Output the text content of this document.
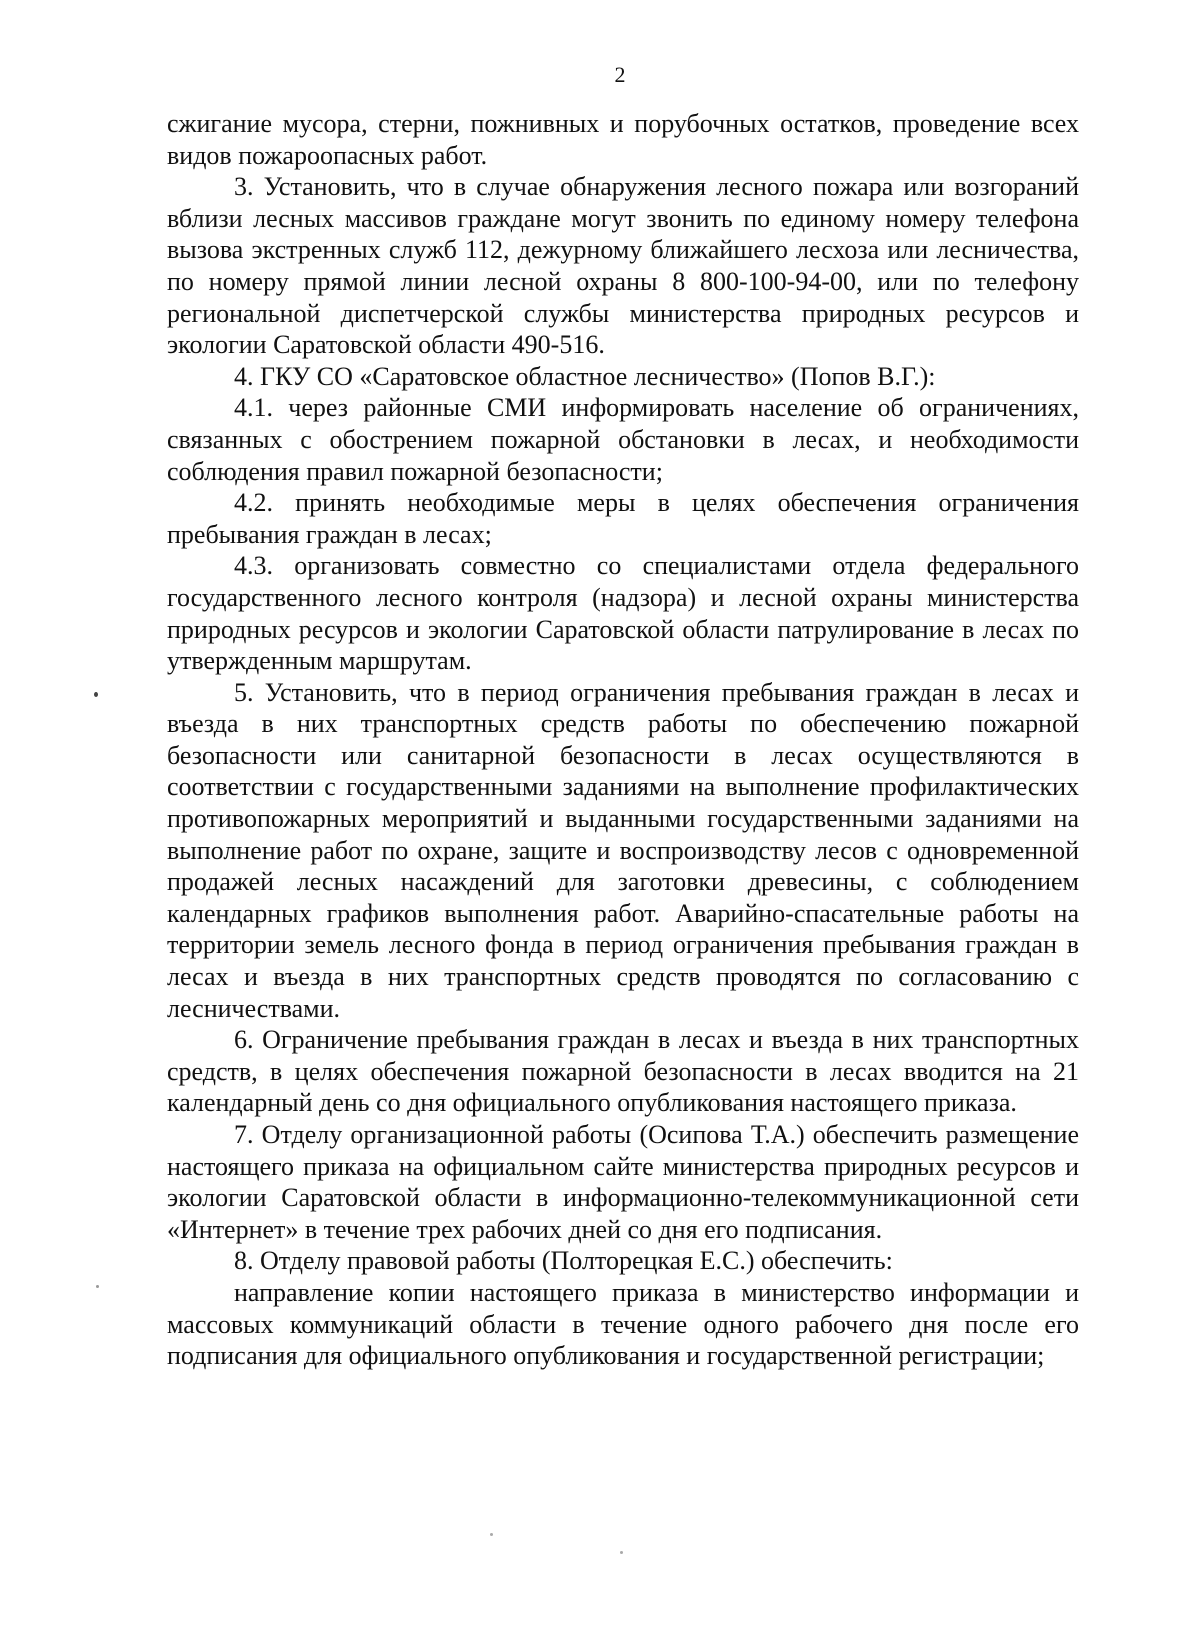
2

сжигание мусора, стерни, пожнивных и порубочных остатков, проведение всех видов пожароопасных работ.

3. Установить, что в случае обнаружения лесного пожара или возгораний вблизи лесных массивов граждане могут звонить по единому номеру телефона вызова экстренных служб 112, дежурному ближайшего лесхоза или лесничества, по номеру прямой линии лесной охраны 8 800-100-94-00, или по телефону региональной диспетчерской службы министерства природных ресурсов и экологии Саратовской области 490-516.

4. ГКУ СО «Саратовское областное лесничество» (Попов В.Г.):

4.1. через районные СМИ информировать население об ограничениях, связанных с обострением пожарной обстановки в лесах, и необходимости соблюдения правил пожарной безопасности;

4.2. принять необходимые меры в целях обеспечения ограничения пребывания граждан в лесах;

4.3. организовать совместно со специалистами отдела федерального государственного лесного контроля (надзора) и лесной охраны министерства природных ресурсов и экологии Саратовской области патрулирование в лесах по утвержденным маршрутам.

5. Установить, что в период ограничения пребывания граждан в лесах и въезда в них транспортных средств работы по обеспечению пожарной безопасности или санитарной безопасности в лесах осуществляются в соответствии с государственными заданиями на выполнение профилактических противопожарных мероприятий и выданными государственными заданиями на выполнение работ по охране, защите и воспроизводству лесов с одновременной продажей лесных насаждений для заготовки древесины, с соблюдением календарных графиков выполнения работ. Аварийно-спасательные работы на территории земель лесного фонда в период ограничения пребывания граждан в лесах и въезда в них транспортных средств проводятся по согласованию с лесничествами.

6. Ограничение пребывания граждан в лесах и въезда в них транспортных средств, в целях обеспечения пожарной безопасности в лесах вводится на 21 календарный день со дня официального опубликования настоящего приказа.

7. Отделу организационной работы (Осипова Т.А.) обеспечить размещение настоящего приказа на официальном сайте министерства природных ресурсов и экологии Саратовской области в информационно-телекоммуникационной сети «Интернет» в течение трех рабочих дней со дня его подписания.

8. Отделу правовой работы (Полторецкая Е.С.) обеспечить:

направление копии настоящего приказа в министерство информации и массовых коммуникаций области в течение одного рабочего дня после его подписания для официального опубликования и государственной регистрации;
